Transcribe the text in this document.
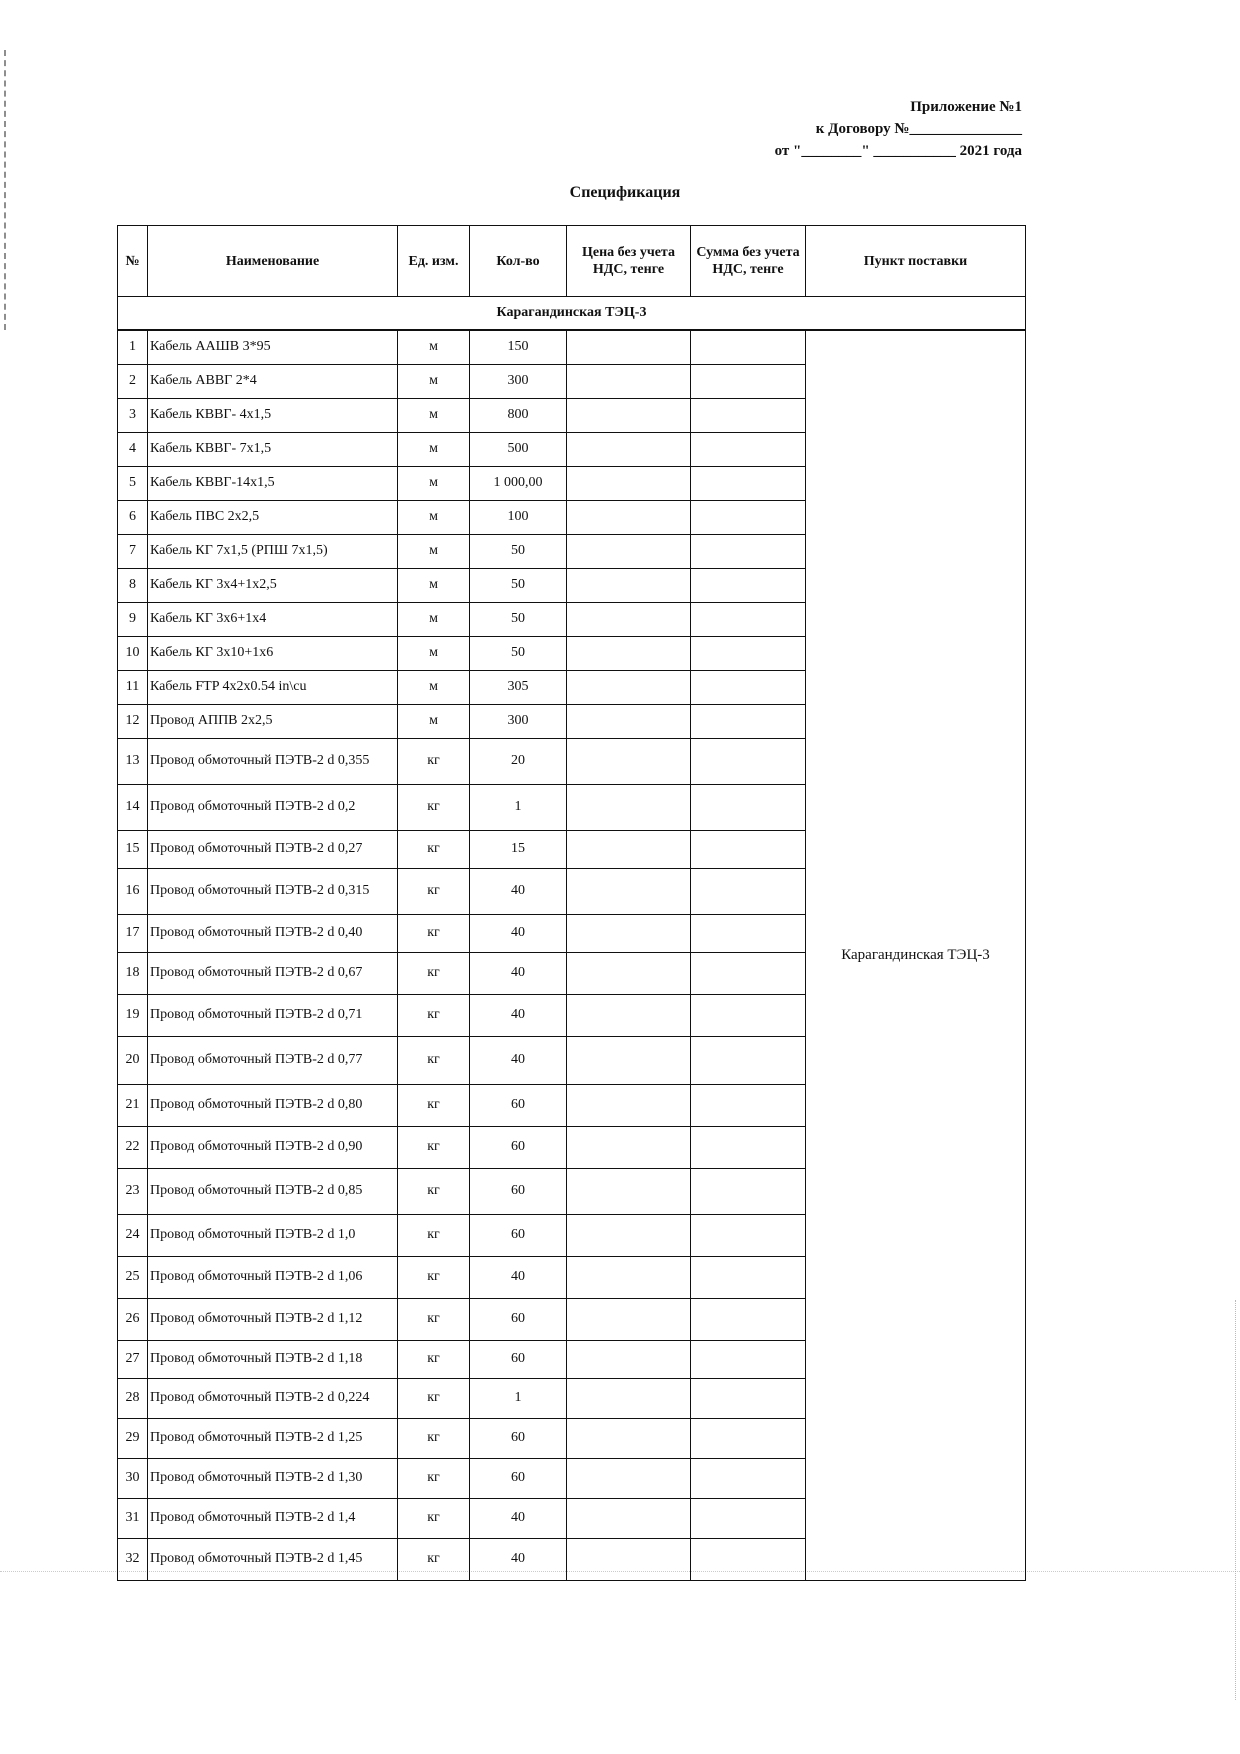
Приложение №1
к Договору №_______________
от "________" ___________ 2021 года
Спецификация
№	Наименование	Ед. изм.	Кол-во	Цена без учета НДС, тенге	Сумма без учета НДС, тенге	Пункт поставки
Карагандинская ТЭЦ-3						
1	Кабель ААШВ 3*95	м	150			Карагандинская ТЭЦ-3
2	Кабель АВВГ 2*4	м	300			
3	Кабель КВВГ- 4х1,5	м	800			
4	Кабель КВВГ- 7х1,5	м	500			
5	Кабель КВВГ-14х1,5	м	1 000,00			
6	Кабель ПВС 2х2,5	м	100			
7	Кабель КГ 7х1,5 (РПШ 7х1,5)	м	50			
8	Кабель КГ 3х4+1х2,5	м	50			
9	Кабель КГ 3х6+1х4	м	50			
10	Кабель КГ 3х10+1х6	м	50			
11	Кабель FTP 4x2x0.54 in\cu	м	305			
12	Провод АППВ 2х2,5	м	300			
13	Провод обмоточный ПЭТВ-2 d 0,355	кг	20			
14	Провод обмоточный ПЭТВ-2 d 0,2	кг	1			
15	Провод обмоточный ПЭТВ-2 d 0,27	кг	15			
16	Провод обмоточный ПЭТВ-2 d 0,315	кг	40			
17	Провод обмоточный ПЭТВ-2 d 0,40	кг	40			
18	Провод обмоточный ПЭТВ-2 d 0,67	кг	40			
19	Провод обмоточный ПЭТВ-2 d 0,71	кг	40			
20	Провод обмоточный ПЭТВ-2 d 0,77	кг	40			
21	Провод обмоточный ПЭТВ-2 d 0,80	кг	60			
22	Провод обмоточный ПЭТВ-2 d 0,90	кг	60			
23	Провод обмоточный ПЭТВ-2 d 0,85	кг	60			
24	Провод обмоточный ПЭТВ-2 d 1,0	кг	60			
25	Провод обмоточный ПЭТВ-2 d 1,06	кг	40			
26	Провод обмоточный ПЭТВ-2 d 1,12	кг	60			
27	Провод обмоточный ПЭТВ-2 d 1,18	кг	60			
28	Провод обмоточный ПЭТВ-2 d 0,224	кг	1			
29	Провод обмоточный ПЭТВ-2 d 1,25	кг	60			
30	Провод обмоточный ПЭТВ-2 d 1,30	кг	60			
31	Провод обмоточный ПЭТВ-2 d 1,4	кг	40			
32	Провод обмоточный ПЭТВ-2 d 1,45	кг	40			
